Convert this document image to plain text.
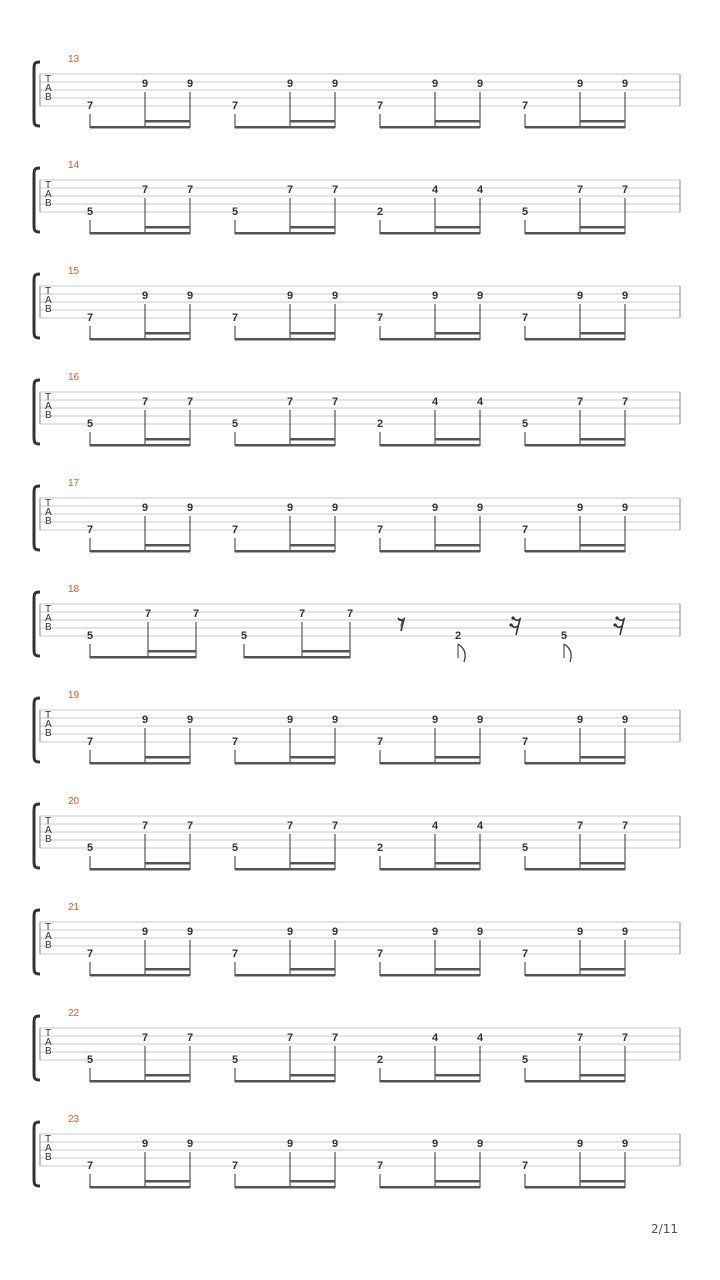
T
A
B
13
7
9	9
7
9	9
7
9	9
7
9	9
T
A
B
14
5
7	7
5
7	7
2
4	4
5
7	7
T
A
B
15
7
9	9
7
9	9
7
9	9
7
9	9
T
A
B
16
5
7	7
5
7	7
2
4	4
5
7	7
T
A
B
17
7
9	9
7
9	9
7
9	9
7
9	9
T
A
B
18
5
7	7
5
7	7 𝄾	2	5
T
A
B
19
7
9	9
7
9	9
7
9	9
7
9	9
T
A
B
20
5
7	7
5
7	7
2
4	4
5
7	7
T
A
B
21
7
9	9
7
9	9
7
9	9
7
9	9
T
A
B
22
5
7	7
5
7	7
2
4	4
5
7	7
T
A
B
23
7
9	9
7
9	9
7
9	9
7
9	9
2/11
